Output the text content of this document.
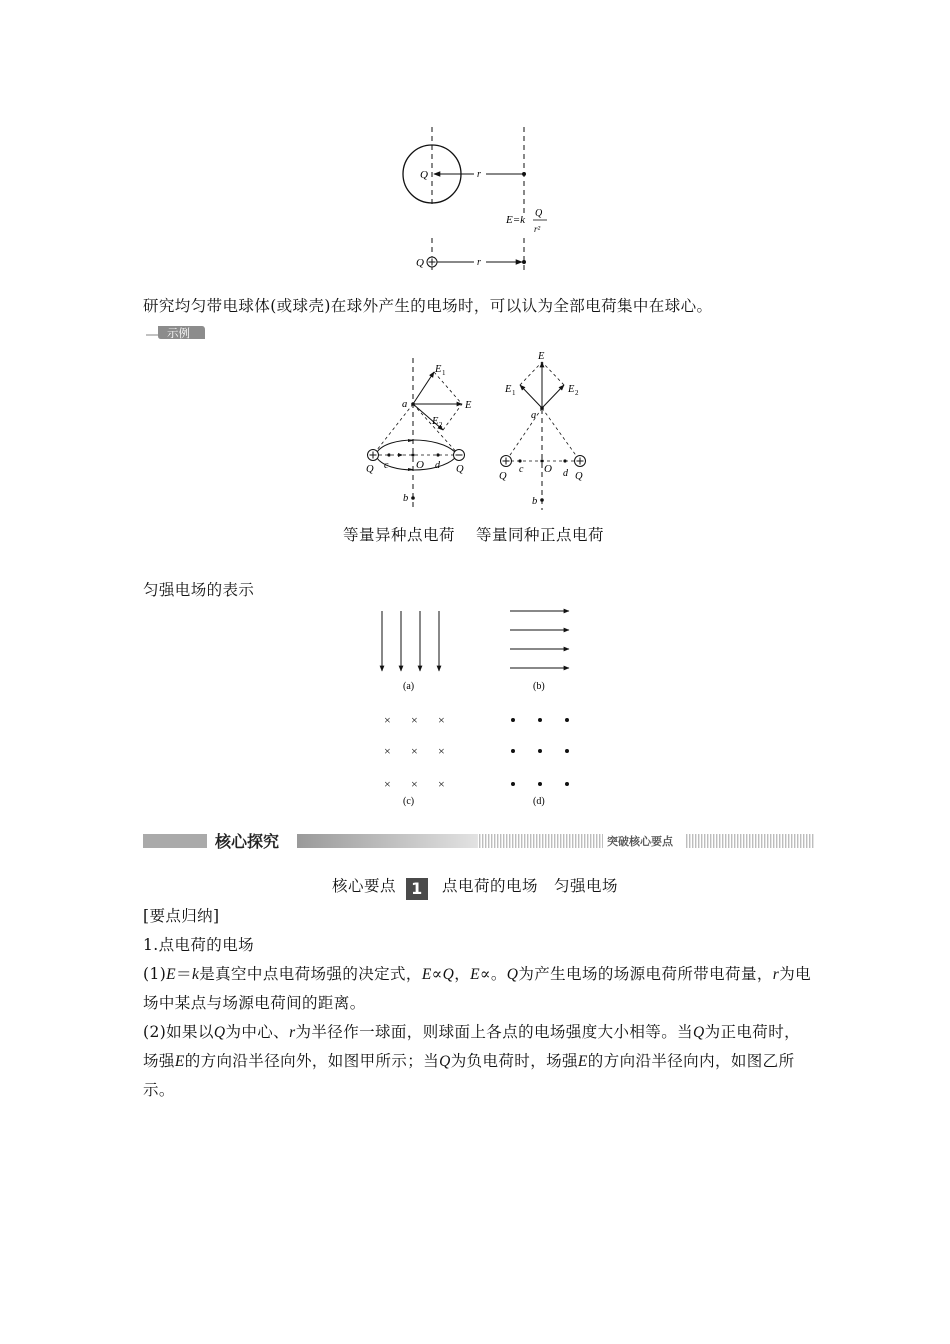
Q	r
E=k
Q
r²
Q	r
研究均匀带电球体(或球壳)在球外产生的电场时，可以认为全部电荷集中在球心。
示例
E 1
E
E 2
a
c	O d
Q	Q
b
E
E 1	E 2
a
c O d
Q	Q
b
等量异种点电荷 等量同种正点电荷
匀强电场的表示
(a)	(b)
× × ×
× × ×
× × ×
(c)	(d)
核心探究	突破核心要点
核心要点 1 点电荷的电场　匀强电场
[要点归纳]
1.点电荷的电场
(1)E＝k是真空中点电荷场强的决定式，E∝Q，E∝。Q为产生电场的场源电荷所带电荷量，r为电场中某点与场源电荷间的距离。
(2)如果以Q为中心、r为半径作一球面，则球面上各点的电场强度大小相等。当Q为正电荷时，场强E的方向沿半径向外，如图甲所示；当Q为负电荷时，场强E的方向沿半径向内，如图乙所示。
